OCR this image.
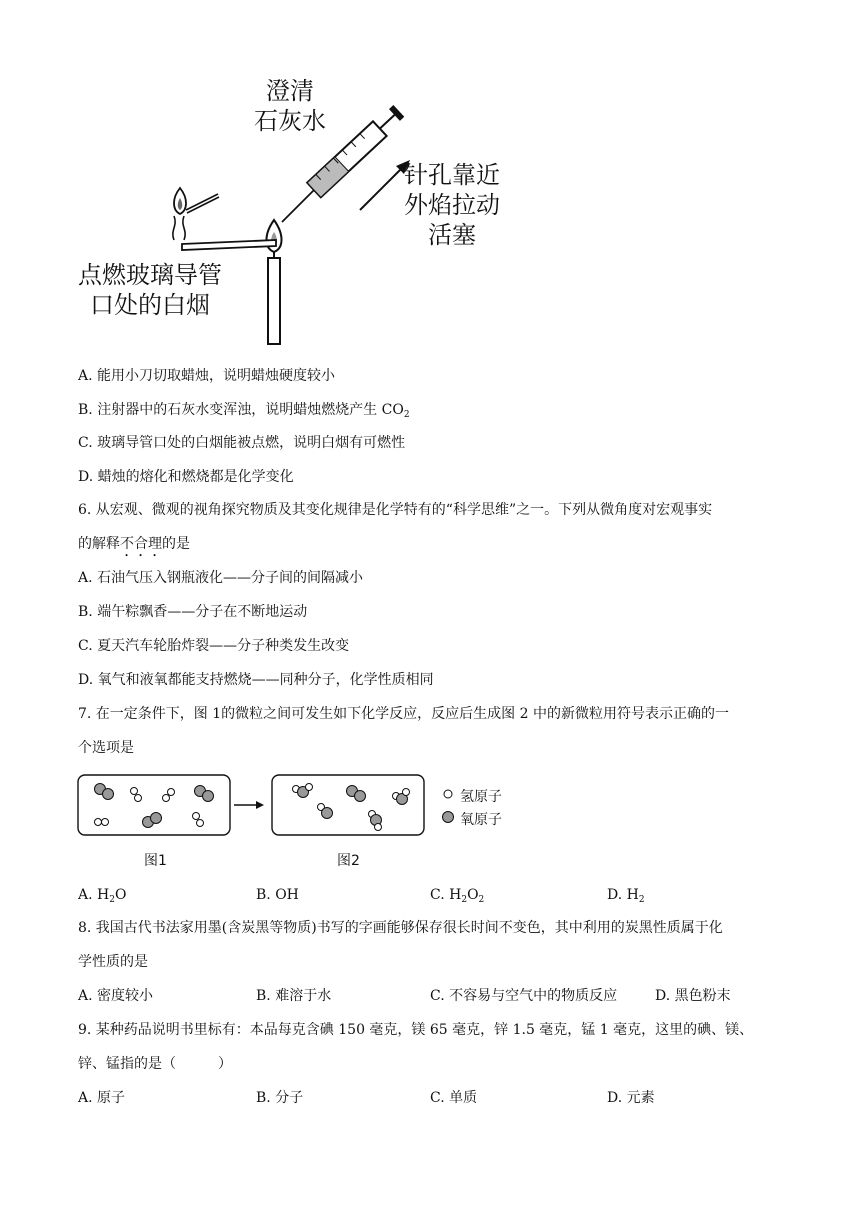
澄清
石灰水
针孔靠近
外焰拉动
活塞
点燃玻璃导管
口处的白烟
A. 能用小刀切取蜡烛，说明蜡烛硬度较小
B. 注射器中的石灰水变浑浊，说明蜡烛燃烧产生 $CO_2$
C. 玻璃导管口处的白烟能被点燃，说明白烟有可燃性
D. 蜡烛的熔化和燃烧都是化学变化
6. 从宏观、微观的视角探究物质及其变化规律是化学特有的“科学思维”之一。下列从微角度对宏观事实
的解释不合理的是
A. 石油气压入钢瓶液化——分子间的间隔减小
B. 端午粽飘香——分子在不断地运动
C. 夏天汽车轮胎炸裂——分子种类发生改变
D. 氧气和液氧都能支持燃烧——同种分子，化学性质相同
7. 在一定条件下，图 1的微粒之间可发生如下化学反应，反应后生成图 2 中的新微粒用符号表示正确的一
个选项是
氢原子
氧原子
图1	图2
A. $H_2O$	B. OH	C. $H_2O_2$	D. $H_2$
8. 我国古代书法家用墨(含炭黑等物质)书写的字画能够保存很长时间不变色，其中利用的炭黑性质属于化
学性质的是
A. 密度较小	B. 难溶于水	C. 不容易与空气中的物质反应	D. 黑色粉末
9. 某种药品说明书里标有：本品每克含碘 150 毫克，镁 65 毫克，锌 1.5 毫克，锰 1 毫克，这里的碘、镁、
锌、锰指的是（　　　）
A. 原子	B. 分子	C. 单质	D. 元素
